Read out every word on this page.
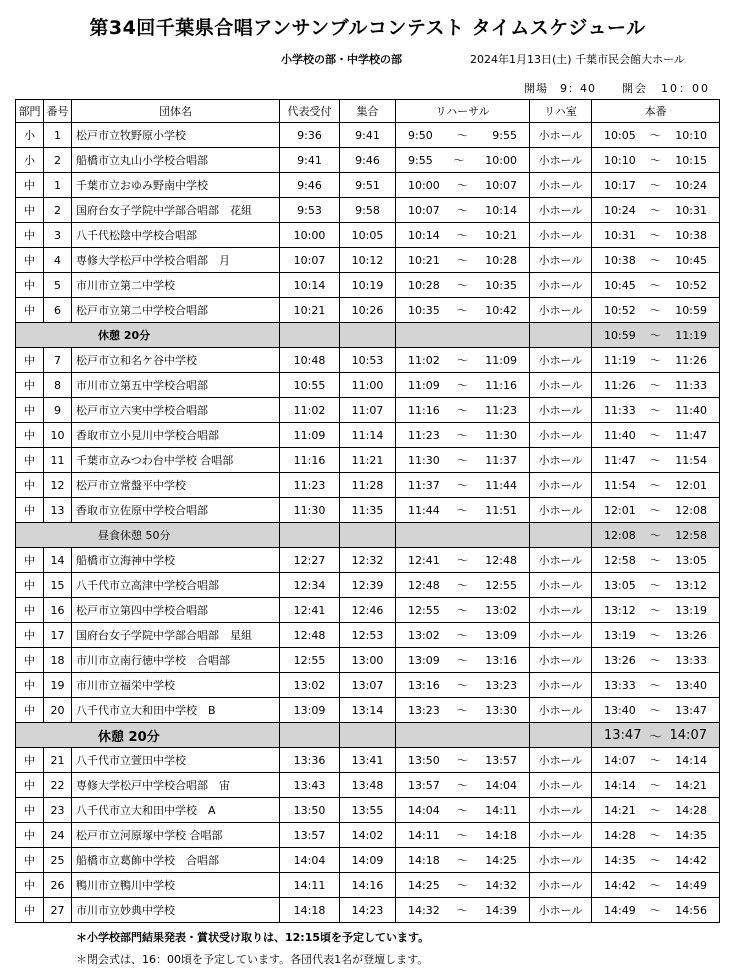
第34回千葉県合唱アンサンブルコンテスト タイムスケジュール
小学校の部・中学校の部	2024年1月13日(土) 千葉市民会館大ホール
開場　9：40 開会　10：00
部門	番号	団体名	代表受付	集合	リハーサル	リハ室	本番
小	1	松戸市立牧野原小学校	9:36	9:41	9:50 〜 9:55	小ホール	10:05 〜 10:10

小	2	船橋市立丸山小学校合唱部	9:41	9:46	9:55 〜 10:00	小ホール	10:10 〜 10:15

中	1	千葉市立おゆみ野南中学校	9:46	9:51	10:00 〜 10:07	小ホール	10:17 〜 10:24

中	2	国府台女子学院中学部合唱部　花組	9:53	9:58	10:07 〜 10:14	小ホール	10:24 〜 10:31

中	3	八千代松陰中学校合唱部	10:00	10:05	10:14 〜 10:21	小ホール	10:31 〜 10:38

中	4	専修大学松戸中学校合唱部　月	10:07	10:12	10:21 〜 10:28	小ホール	10:38 〜 10:45

中	5	市川市立第二中学校	10:14	10:19	10:28 〜 10:35	小ホール	10:45 〜 10:52

中	6	松戸市立第二中学校合唱部	10:21	10:26	10:35 〜 10:42	小ホール	10:52 〜 10:59

休憩 20分							10:59 〜 11:19

中	7	松戸市立和名ケ谷中学校	10:48	10:53	11:02 〜 11:09	小ホール	11:19 〜 11:26

中	8	市川市立第五中学校合唱部	10:55	11:00	11:09 〜 11:16	小ホール	11:26 〜 11:33

中	9	松戸市立六実中学校合唱部	11:02	11:07	11:16 〜 11:23	小ホール	11:33 〜 11:40

中	10	香取市立小見川中学校合唱部	11:09	11:14	11:23 〜 11:30	小ホール	11:40 〜 11:47

中	11	千葉市立みつわ台中学校 合唱部	11:16	11:21	11:30 〜 11:37	小ホール	11:47 〜 11:54

中	12	松戸市立常盤平中学校	11:23	11:28	11:37 〜 11:44	小ホール	11:54 〜 12:01

中	13	香取市立佐原中学校合唱部	11:30	11:35	11:44 〜 11:51	小ホール	12:01 〜 12:08

昼食休憩 50分							12:08 〜 12:58

中	14	船橋市立海神中学校	12:27	12:32	12:41 〜 12:48	小ホール	12:58 〜 13:05

中	15	八千代市立高津中学校合唱部	12:34	12:39	12:48 〜 12:55	小ホール	13:05 〜 13:12

中	16	松戸市立第四中学校合唱部	12:41	12:46	12:55 〜 13:02	小ホール	13:12 〜 13:19

中	17	国府台女子学院中学部合唱部　星組	12:48	12:53	13:02 〜 13:09	小ホール	13:19 〜 13:26

中	18	市川市立南行徳中学校　合唱部	12:55	13:00	13:09 〜 13:16	小ホール	13:26 〜 13:33

中	19	市川市立福栄中学校	13:02	13:07	13:16 〜 13:23	小ホール	13:33 〜 13:40

中	20	八千代市立大和田中学校　B	13:09	13:14	13:23 〜 13:30	小ホール	13:40 〜 13:47

休憩 20分							13:47 〜 14:07

中	21	八千代市立萱田中学校	13:36	13:41	13:50 〜 13:57	小ホール	14:07 〜 14:14

中	22	専修大学松戸中学校合唱部　宙	13:43	13:48	13:57 〜 14:04	小ホール	14:14 〜 14:21

中	23	八千代市立大和田中学校　A	13:50	13:55	14:04 〜 14:11	小ホール	14:21 〜 14:28

中	24	松戸市立河原塚中学校 合唱部	13:57	14:02	14:11 〜 14:18	小ホール	14:28 〜 14:35

中	25	船橋市立葛飾中学校　合唱部	14:04	14:09	14:18 〜 14:25	小ホール	14:35 〜 14:42

中	26	鴨川市立鴨川中学校	14:11	14:16	14:25 〜 14:32	小ホール	14:42 〜 14:49

中	27	市川市立妙典中学校	14:18	14:23	14:32 〜 14:39	小ホール	14:49 〜 14:56
＊小学校部門結果発表・賞状受け取りは、12:15頃を予定しています。
＊閉会式は、16：00頃を予定しています。各団代表1名が登壇します。
